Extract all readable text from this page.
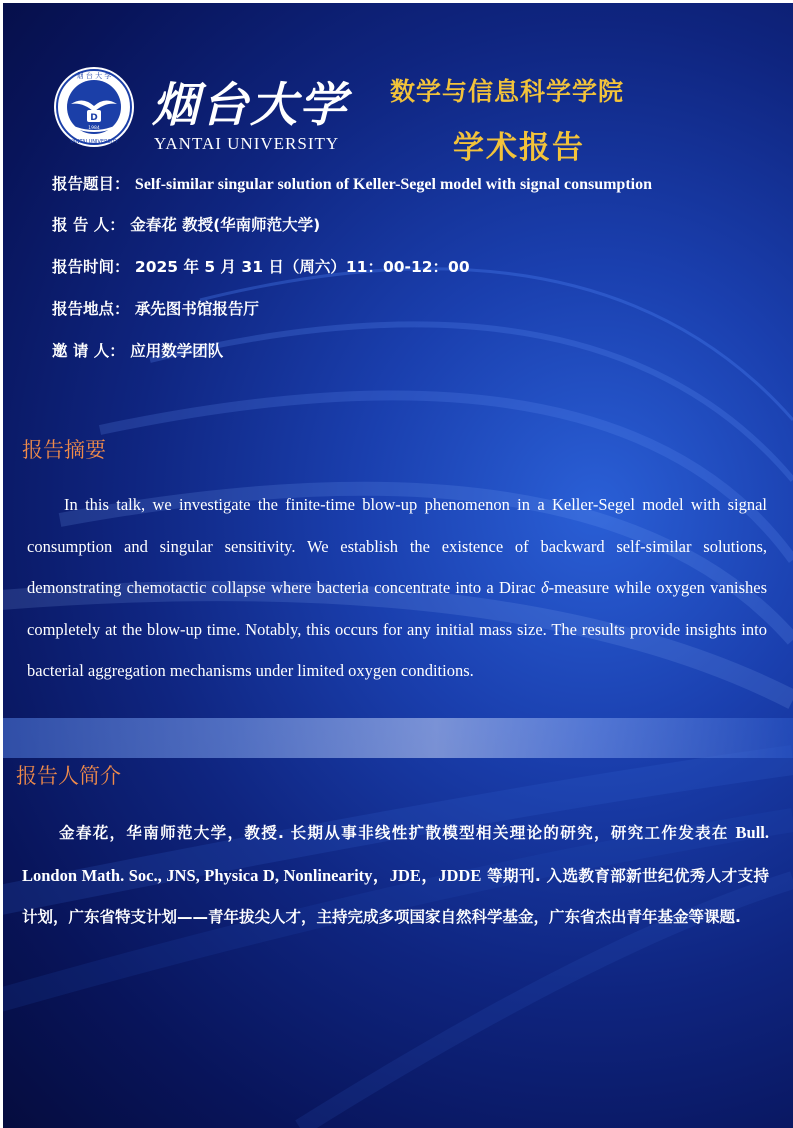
D
1984
烟 台 大 学
YANTAI UNIVERSITY
烟台大学
YANTAI UNIVERSITY
数学与信息科学学院
学术报告
报告题目： Self-similar singular solution of Keller-Segel model with signal consumption
报 告 人： 金春花 教授(华南师范大学)
报告时间： 2025 年 5 月 31 日（周六）11：00-12：00
报告地点： 承先图书馆报告厅
邀 请 人： 应用数学团队
报告摘要
In this talk, we investigate the finite-time blow-up phenomenon in a Keller-Segel model with signal consumption and singular sensitivity. We establish the existence of backward self-similar solutions, demonstrating chemotactic collapse where bacteria concentrate into a Dirac δ-measure while oxygen vanishes completely at the blow-up time. Notably, this occurs for any initial mass size. The results provide insights into bacterial aggregation mechanisms under limited oxygen conditions.
报告人简介
金春花，华南师范大学，教授. 长期从事非线性扩散模型相关理论的研究，研究工作发表在 Bull. London Math. Soc., JNS, Physica D, Nonlinearity，JDE，JDDE 等期刊. 入选教育部新世纪优秀人才支持计划，广东省特支计划——青年拔尖人才，主持完成多项国家自然科学基金，广东省杰出青年基金等课题.
